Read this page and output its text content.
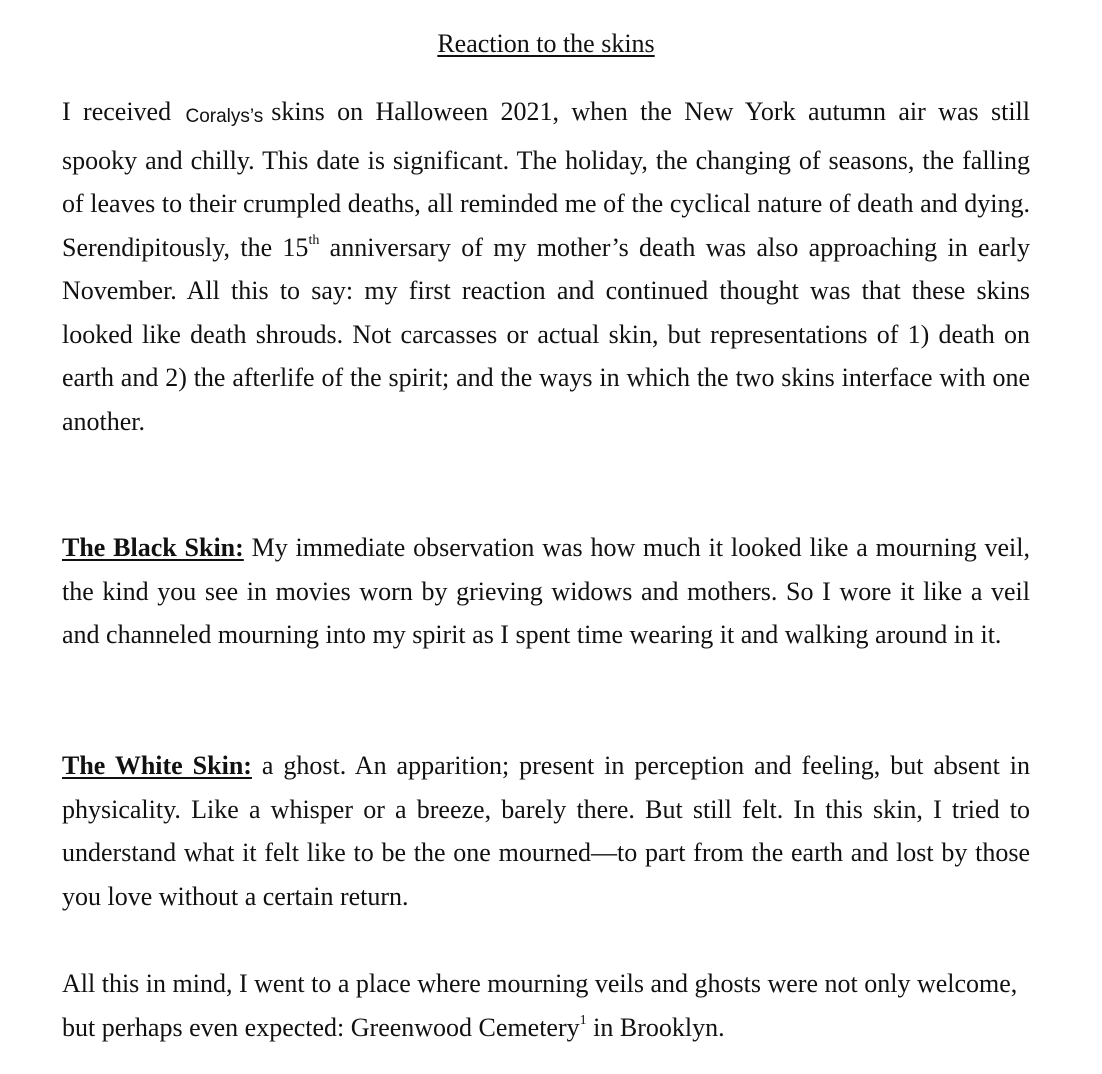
Reaction to the skins

I received Coralys’s skins on Halloween 2021, when the New York autumn air was still spooky and chilly. This date is significant. The holiday, the changing of seasons, the falling of leaves to their crumpled deaths, all reminded me of the cyclical nature of death and dying. Serendipitously, the 15th anniversary of my mother’s death was also approaching in early November. All this to say: my first reaction and continued thought was that these skins looked like death shrouds. Not carcasses or actual skin, but representations of 1) death on earth and 2) the afterlife of the spirit; and the ways in which the two skins interface with one another.

The Black Skin: My immediate observation was how much it looked like a mourning veil, the kind you see in movies worn by grieving widows and mothers. So I wore it like a veil and channeled mourning into my spirit as I spent time wearing it and walking around in it.

The White Skin: a ghost. An apparition; present in perception and feeling, but absent in physicality. Like a whisper or a breeze, barely there. But still felt. In this skin, I tried to understand what it felt like to be the one mourned—to part from the earth and lost by those you love without a certain return.

All this in mind, I went to a place where mourning veils and ghosts were not only welcome, but perhaps even expected: Greenwood Cemetery$^1$ in Brooklyn.
